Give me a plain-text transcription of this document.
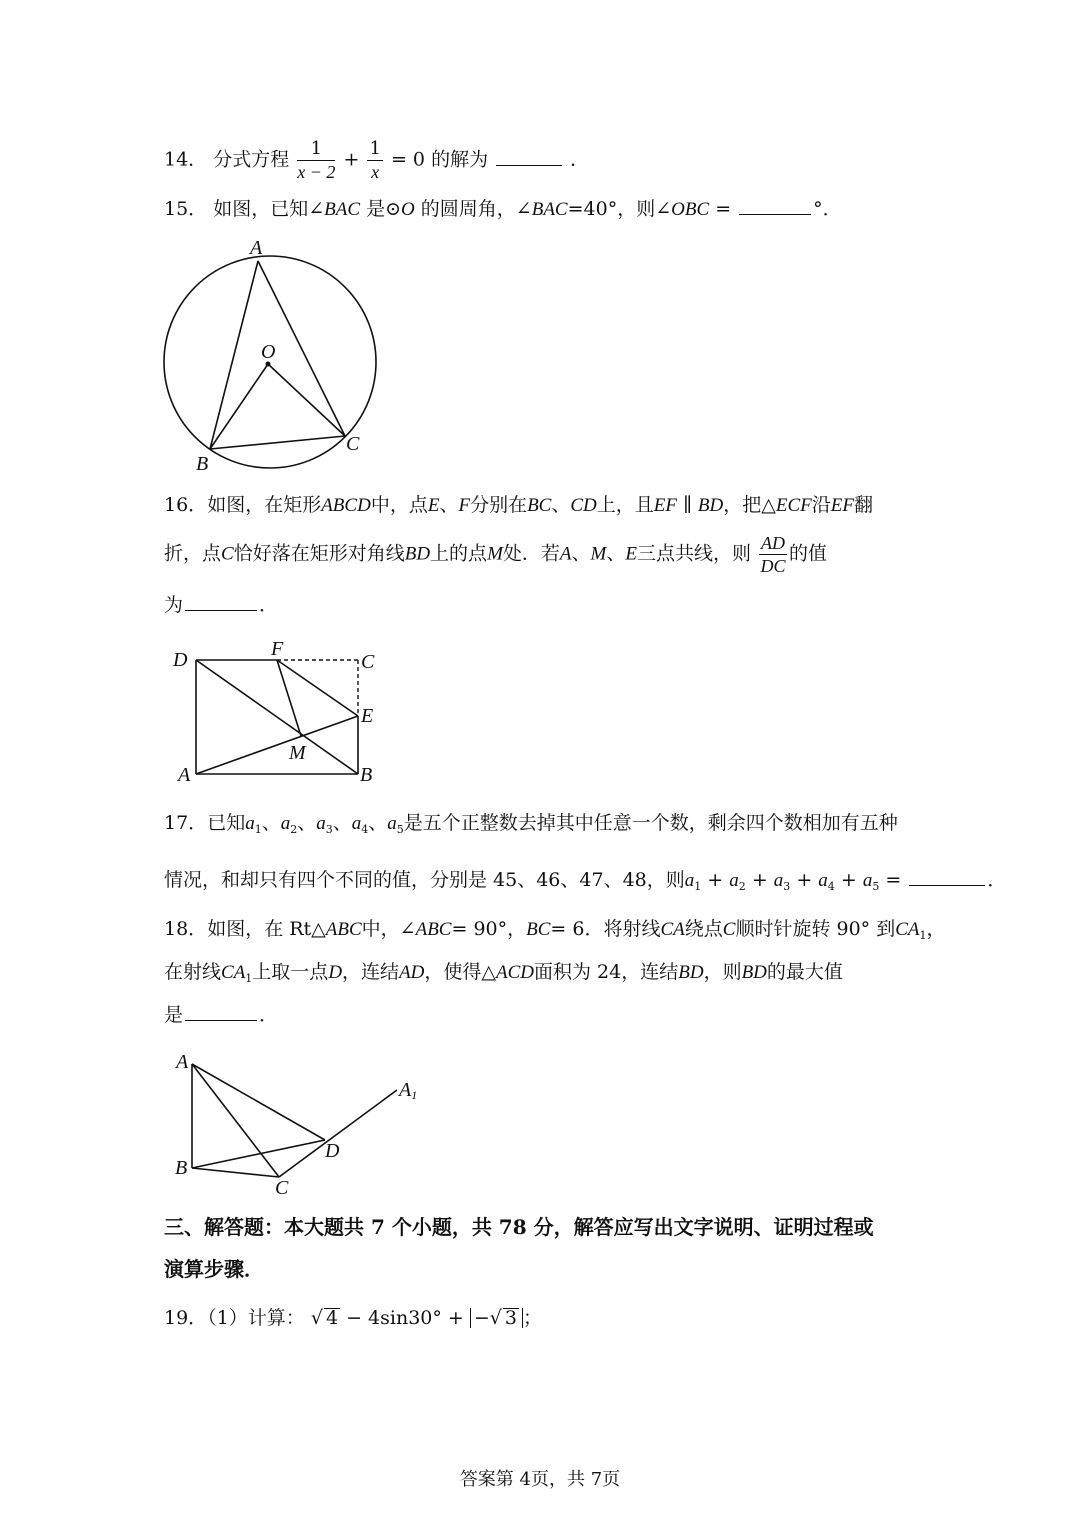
14． 分式方程 $\frac{1}{x - 2} + \frac{1}{x} = 0$ 的解为	．
15． 如图，已知∠BAC 是⊙O 的圆周角，∠BAC=40°，则∠OBC =	°．
A
O
B
C
16．如图，在矩形ABCD中，点E、F分别在BC、CD上，且EF ∥ BD，把△ECF沿EF翻
折，点C恰好落在矩形对角线BD上的点M处．若A、M、E三点共线，则 $\frac{AD}{DC}$ 的值
为	．
D	F
C
E
M
A	B
17．已知$a_1$、$a_2$、$a_3$、$a_4$、$a_5$是五个正整数去掉其中任意一个数，剩余四个数相加有五种
情况，和却只有四个不同的值，分别是 45、46、47、48，则$a_1 + a_2 + a_3 + a_4 + a_5$ =	．
18．如图，在 Rt△ABC中，∠ABC= 90°，BC= 6．将射线CA绕点C顺时针旋转 90° 到$CA_1$，
在射线$CA_1$上取一点D，连结AD，使得△ACD面积为 24，连结BD，则BD的最大值
是	．
A
A1
B
C
D
三、解答题：本大题共 7 个小题，共 78 分，解答应写出文字说明、证明过程或
演算步骤．
19．（1）计算： √ 4 − 4sin30° + −√ 3 ；
答案第 4页，共 7页
